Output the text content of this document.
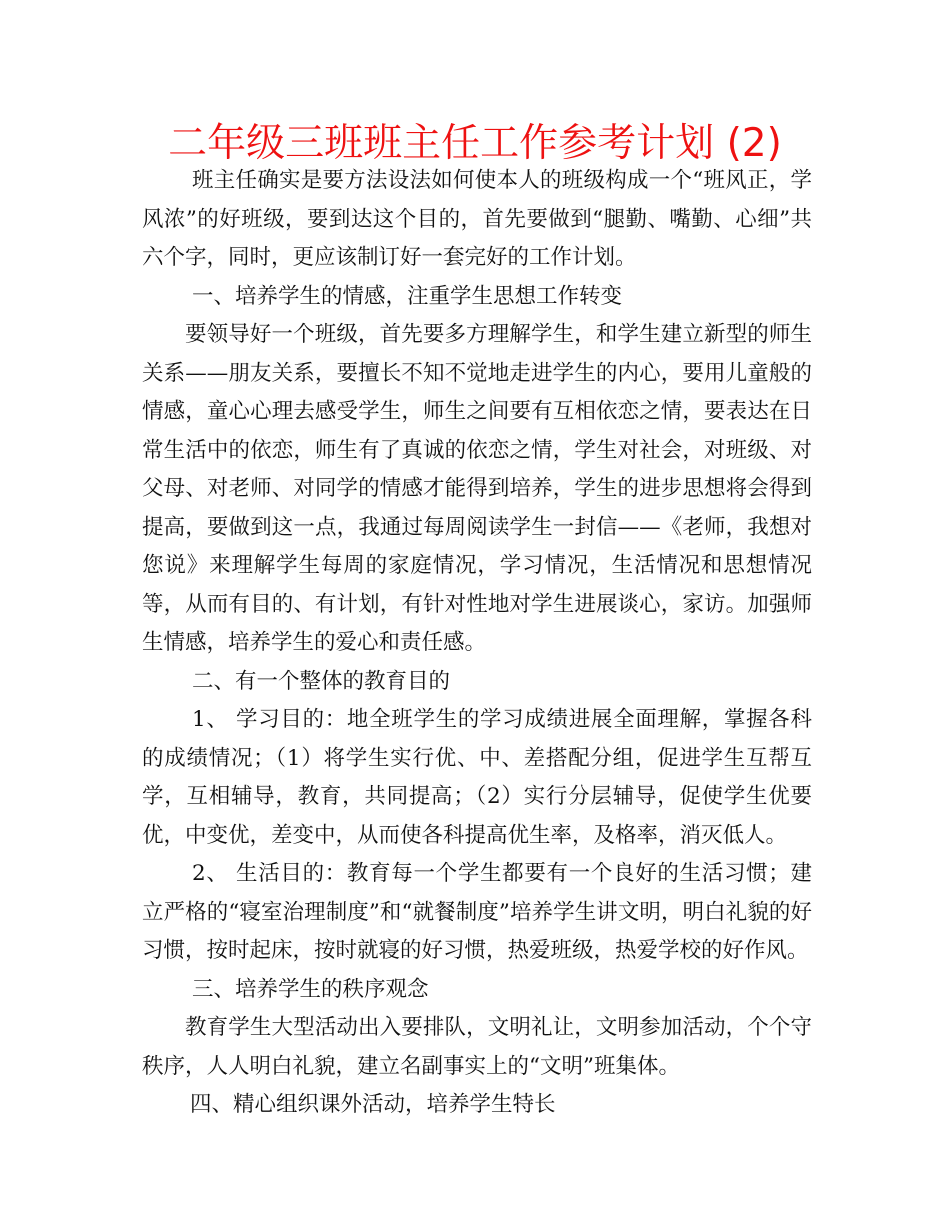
二年级三班班主任工作参考计划 (2)

班主任确实是要方法设法如何使本人的班级构成一个“班风正，学风浓”的好班级，要到达这个目的，首先要做到“腿勤、嘴勤、心细”共六个字，同时，更应该制订好一套完好的工作计划。

一、培养学生的情感，注重学生思想工作转变

要领导好一个班级，首先要多方理解学生，和学生建立新型的师生关系——朋友关系，要擅长不知不觉地走进学生的内心，要用儿童般的情感，童心心理去感受学生，师生之间要有互相依恋之情，要表达在日常生活中的依恋，师生有了真诚的依恋之情，学生对社会，对班级、对父母、对老师、对同学的情感才能得到培养，学生的进步思想将会得到提高，要做到这一点，我通过每周阅读学生一封信——《老师，我想对您说》来理解学生每周的家庭情况，学习情况，生活情况和思想情况等，从而有目的、有计划，有针对性地对学生进展谈心，家访。加强师生情感，培养学生的爱心和责任感。

二、有一个整体的教育目的

1、 学习目的：地全班学生的学习成绩进展全面理解，掌握各科的成绩情况；（1）将学生实行优、中、差搭配分组，促进学生互帮互学，互相辅导，教育，共同提高；（2）实行分层辅导，促使学生优要优，中变优，差变中，从而使各科提高优生率，及格率，消灭低人。

2、 生活目的：教育每一个学生都要有一个良好的生活习惯；建立严格的“寝室治理制度”和“就餐制度”培养学生讲文明，明白礼貌的好习惯，按时起床，按时就寝的好习惯，热爱班级，热爱学校的好作风。

三、培养学生的秩序观念

教育学生大型活动出入要排队，文明礼让，文明参加活动，个个守秩序，人人明白礼貌，建立名副事实上的“文明”班集体。

四、精心组织课外活动，培养学生特长
